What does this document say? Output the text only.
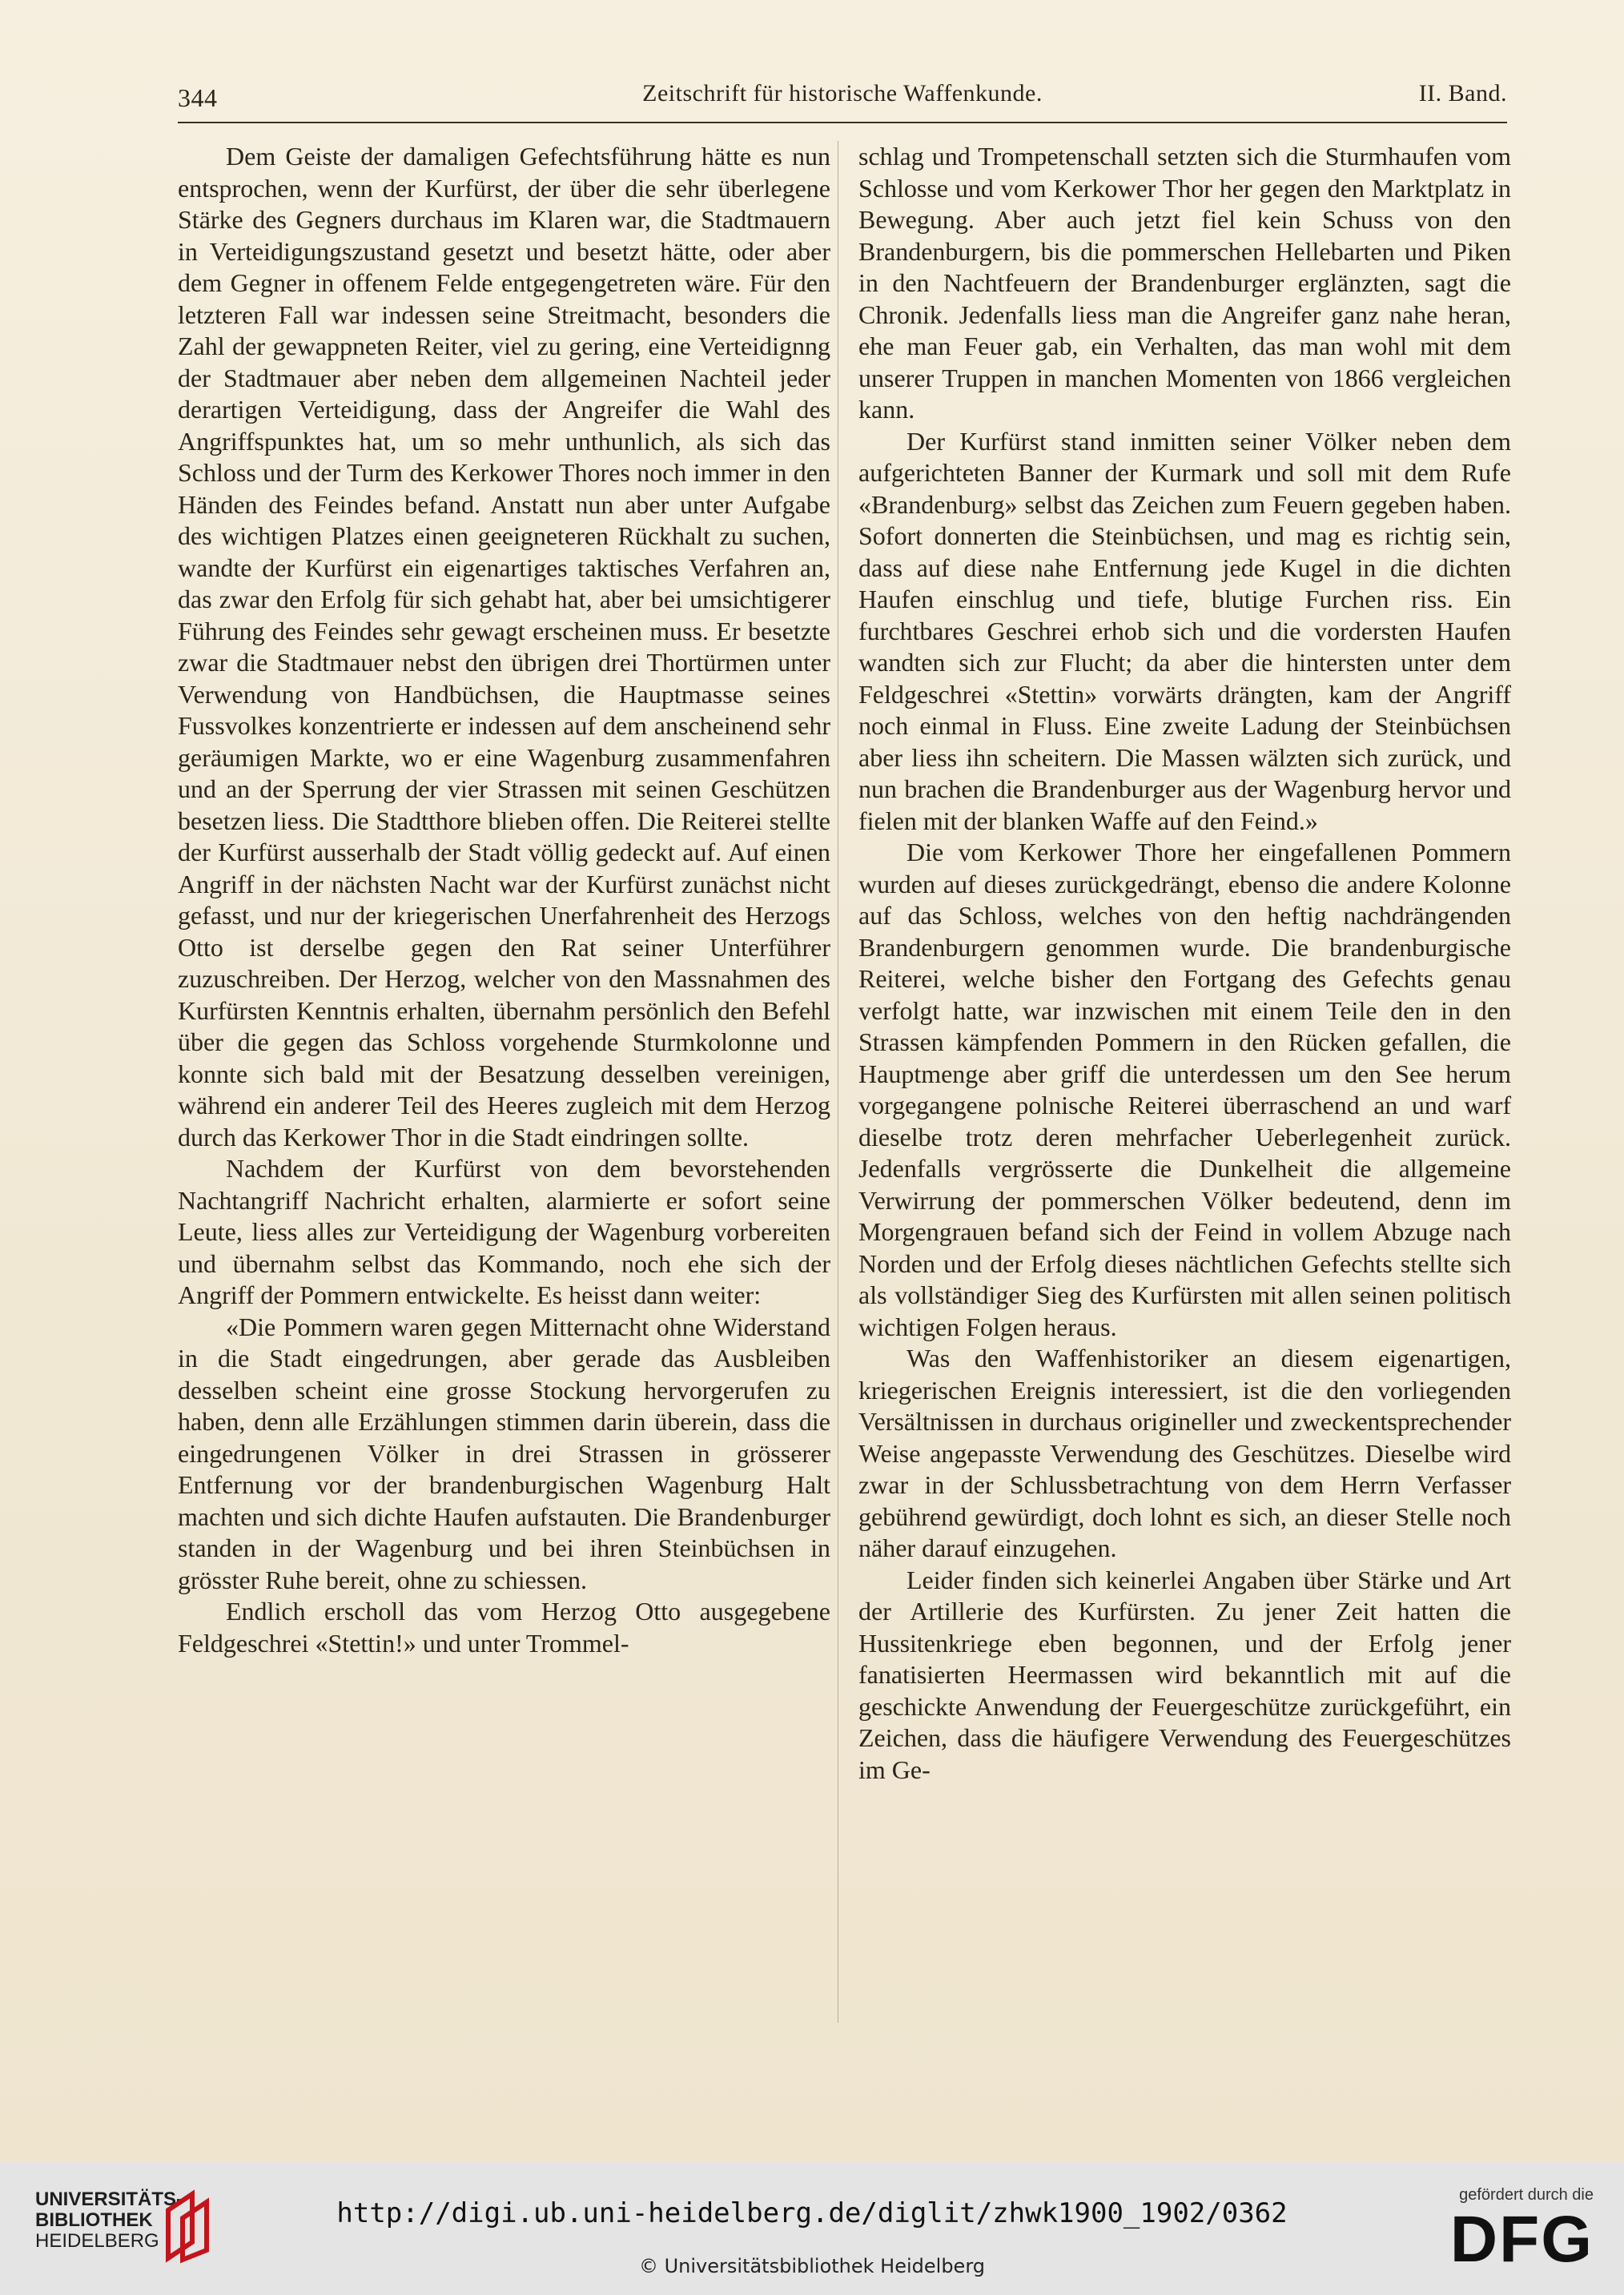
344	Zeitschrift für historische Waffenkunde.	II. Band.

Dem Geiste der damaligen Gefechtsführung hätte es nun entsprochen, wenn der Kurfürst, der über die sehr überlegene Stärke des Gegners durchaus im Klaren war, die Stadtmauern in Verteidigungszustand gesetzt und besetzt hätte, oder aber dem Gegner in offenem Felde entgegengetreten wäre. Für den letzteren Fall war indessen seine Streitmacht, besonders die Zahl der gewappneten Reiter, viel zu gering, eine Verteidignng der Stadtmauer aber neben dem allgemeinen Nachteil jeder derartigen Verteidigung, dass der Angreifer die Wahl des Angriffspunktes hat, um so mehr unthunlich, als sich das Schloss und der Turm des Kerkower Thores noch immer in den Händen des Feindes befand. Anstatt nun aber unter Aufgabe des wichtigen Platzes einen geeigneteren Rückhalt zu suchen, wandte der Kurfürst ein eigenartiges taktisches Verfahren an, das zwar den Erfolg für sich gehabt hat, aber bei umsichtigerer Führung des Feindes sehr gewagt erscheinen muss. Er besetzte zwar die Stadtmauer nebst den übrigen drei Thortürmen unter Verwendung von Handbüchsen, die Hauptmasse seines Fussvolkes konzentrierte er indessen auf dem anscheinend sehr geräumigen Markte, wo er eine Wagenburg zusammenfahren und an der Sperrung der vier Strassen mit seinen Geschützen besetzen liess. Die Stadtthore blieben offen. Die Reiterei stellte der Kurfürst ausserhalb der Stadt völlig gedeckt auf. Auf einen Angriff in der nächsten Nacht war der Kurfürst zunächst nicht gefasst, und nur der kriegerischen Unerfahrenheit des Herzogs Otto ist derselbe gegen den Rat seiner Unterführer zuzuschreiben. Der Herzog, welcher von den Massnahmen des Kurfürsten Kenntnis erhalten, übernahm persönlich den Befehl über die gegen das Schloss vorgehende Sturmkolonne und konnte sich bald mit der Besatzung desselben vereinigen, während ein anderer Teil des Heeres zugleich mit dem Herzog durch das Kerkower Thor in die Stadt eindringen sollte.

Nachdem der Kurfürst von dem bevorstehenden Nachtangriff Nachricht erhalten, alarmierte er sofort seine Leute, liess alles zur Verteidigung der Wagenburg vorbereiten und übernahm selbst das Kommando, noch ehe sich der Angriff der Pommern entwickelte. Es heisst dann weiter:

«Die Pommern waren gegen Mitternacht ohne Widerstand in die Stadt eingedrungen, aber gerade das Ausbleiben desselben scheint eine grosse Stockung hervorgerufen zu haben, denn alle Erzählungen stimmen darin überein, dass die eingedrungenen Völker in drei Strassen in grösserer Entfernung vor der brandenburgischen Wagenburg Halt machten und sich dichte Haufen aufstauten. Die Brandenburger standen in der Wagenburg und bei ihren Steinbüchsen in grösster Ruhe bereit, ohne zu schiessen.

Endlich erscholl das vom Herzog Otto ausgegebene Feldgeschrei «Stettin!» und unter Trommel-

schlag und Trompetenschall setzten sich die Sturmhaufen vom Schlosse und vom Kerkower Thor her gegen den Marktplatz in Bewegung. Aber auch jetzt fiel kein Schuss von den Brandenburgern, bis die pommerschen Hellebarten und Piken in den Nachtfeuern der Brandenburger erglänzten, sagt die Chronik. Jedenfalls liess man die Angreifer ganz nahe heran, ehe man Feuer gab, ein Verhalten, das man wohl mit dem unserer Truppen in manchen Momenten von 1866 vergleichen kann.

Der Kurfürst stand inmitten seiner Völker neben dem aufgerichteten Banner der Kurmark und soll mit dem Rufe «Brandenburg» selbst das Zeichen zum Feuern gegeben haben. Sofort donnerten die Steinbüchsen, und mag es richtig sein, dass auf diese nahe Entfernung jede Kugel in die dichten Haufen einschlug und tiefe, blutige Furchen riss. Ein furchtbares Geschrei erhob sich und die vordersten Haufen wandten sich zur Flucht; da aber die hintersten unter dem Feldgeschrei «Stettin» vorwärts drängten, kam der Angriff noch einmal in Fluss. Eine zweite Ladung der Steinbüchsen aber liess ihn scheitern. Die Massen wälzten sich zurück, und nun brachen die Brandenburger aus der Wagenburg hervor und fielen mit der blanken Waffe auf den Feind.»

Die vom Kerkower Thore her eingefallenen Pommern wurden auf dieses zurückgedrängt, ebenso die andere Kolonne auf das Schloss, welches von den heftig nachdrängenden Brandenburgern genommen wurde. Die brandenburgische Reiterei, welche bisher den Fortgang des Gefechts genau verfolgt hatte, war inzwischen mit einem Teile den in den Strassen kämpfenden Pommern in den Rücken gefallen, die Hauptmenge aber griff die unterdessen um den See herum vorgegangene polnische Reiterei überraschend an und warf dieselbe trotz deren mehrfacher Ueberlegenheit zurück. Jedenfalls vergrösserte die Dunkelheit die allgemeine Verwirrung der pommerschen Völker bedeutend, denn im Morgengrauen befand sich der Feind in vollem Abzuge nach Norden und der Erfolg dieses nächtlichen Gefechts stellte sich als vollständiger Sieg des Kurfürsten mit allen seinen politisch wichtigen Folgen heraus.

Was den Waffenhistoriker an diesem eigenartigen, kriegerischen Ereignis interessiert, ist die den vorliegenden Versältnissen in durchaus origineller und zweckentsprechender Weise angepasste Verwendung des Geschützes. Dieselbe wird zwar in der Schlussbetrachtung von dem Herrn Verfasser gebührend gewürdigt, doch lohnt es sich, an dieser Stelle noch näher darauf einzugehen.

Leider finden sich keinerlei Angaben über Stärke und Art der Artillerie des Kurfürsten. Zu jener Zeit hatten die Hussitenkriege eben begonnen, und der Erfolg jener fanatisierten Heermassen wird bekanntlich mit auf die geschickte Anwendung der Feuergeschütze zurückgeführt, ein Zeichen, dass die häufigere Verwendung des Feuergeschützes im Ge-

UNIVERSITÄTS-
BIBLIOTHEK
HEIDELBERG
http://digi.ub.uni-heidelberg.de/diglit/zhwk1900_1902/0362
© Universitätsbibliothek Heidelberg
gefördert durch die
DFG
